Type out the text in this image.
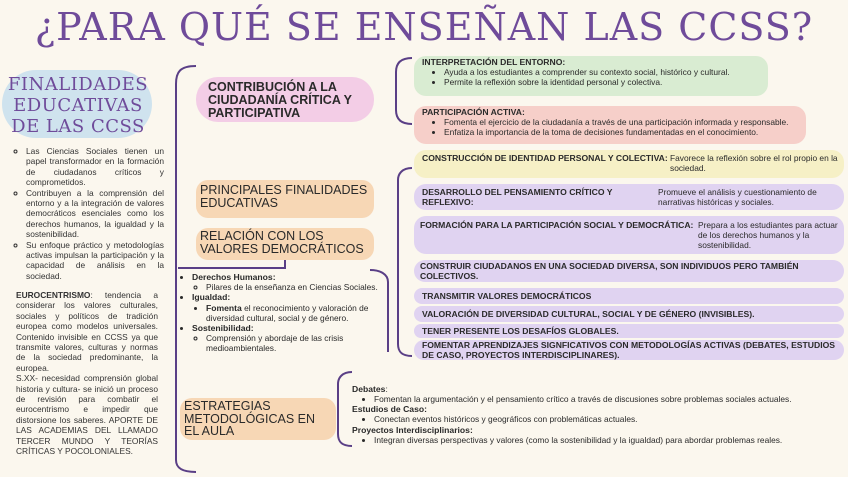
¿PARA QUÉ SE ENSEÑAN LAS CCSS?
FINALIDADES EDUCATIVAS DE LAS CCSS
◦ Las Ciencias Sociales tienen un papel transformador en la formación de ciudadanos críticos y comprometidos.
◦ Contribuyen a la comprensión del entorno y a la integración de valores democráticos esenciales como los derechos humanos, la igualdad y la sostenibilidad.
◦ Su enfoque práctico y metodologías activas impulsan la participación y la capacidad de análisis en la sociedad.
EUROCENTRISMO: tendencia a considerar los valores culturales, sociales y políticos de tradición europea como modelos universales. Contenido invisible en CCSS ya que transmite valores, culturas y normas de la sociedad predominante, la europea.
S.XX- necesidad comprensión global historia y cultura- se inició un proceso de revisión para combatir el eurocentrismo e impedir que distorsione los saberes. APORTE DE LAS ACADEMIAS DEL LLAMADO TERCER MUNDO Y TEORÍAS CRÍTICAS Y POCOLONIALES.
CONTRIBUCIÓN A LA CIUDADANÍA CRÍTICA Y PARTICIPATIVA
INTERPRETACIÓN DEL ENTORNO:
• Ayuda a los estudiantes a comprender su contexto social, histórico y cultural.
• Permite la reflexión sobre la identidad personal y colectiva.
PARTICIPACIÓN ACTIVA:
• Fomenta el ejercicio de la ciudadanía a través de una participación informada y responsable.
• Enfatiza la importancia de la toma de decisiones fundamentadas en el conocimiento.
PRINCIPALES FINALIDADES EDUCATIVAS
CONSTRUCCIÓN DE IDENTIDAD PERSONAL Y COLECTIVA: Favorece la reflexión sobre el rol propio en la sociedad.
DESARROLLO DEL PENSAMIENTO CRÍTICO Y REFLEXIVO:
Promueve el análisis y cuestionamiento de narrativas históricas y sociales.
FORMACIÓN PARA LA PARTICIPACIÓN SOCIAL Y DEMOCRÁTICA: Prepara a los estudiantes para actuar de los derechos humanos y la sostenibilidad.
CONSTRUIR CIUDADANOS EN UNA SOCIEDAD DIVERSA, SON INDIVIDUOS PERO TAMBIÉN COLECTIVOS.
TRANSMITIR VALORES DEMOCRÁTICOS
VALORACIÓN DE DIVERSIDAD CULTURAL, SOCIAL Y DE GÉNERO (INVISIBLES).
TENER PRESENTE LOS DESAFÍOS GLOBALES.
FOMENTAR APRENDIZAJES SIGNFICATIVOS CON METODOLOGÍAS ACTIVAS (DEBATES, ESTUDIOS DE CASO, PROYECTOS INTERDISCIPLINARES).
RELACIÓN CON LOS VALORES DEMOCRÁTICOS
• Derechos Humanos:
◦ Pilares de la enseñanza en Ciencias Sociales.
• Igualdad:
• Fomenta el reconocimiento y valoración de diversidad cultural, social y de género.
• Sostenibilidad:
◦ Comprensión y abordaje de las crisis medioambientales.
ESTRATEGIAS METODOLÓGICAS EN EL AULA
Debates:
• Fomentan la argumentación y el pensamiento crítico a través de discusiones sobre problemas sociales actuales.
Estudios de Caso:
• Conectan eventos históricos y geográficos con problemáticas actuales.
Proyectos Interdisciplinarios:
• Integran diversas perspectivas y valores (como la sostenibilidad y la igualdad) para abordar problemas reales.
